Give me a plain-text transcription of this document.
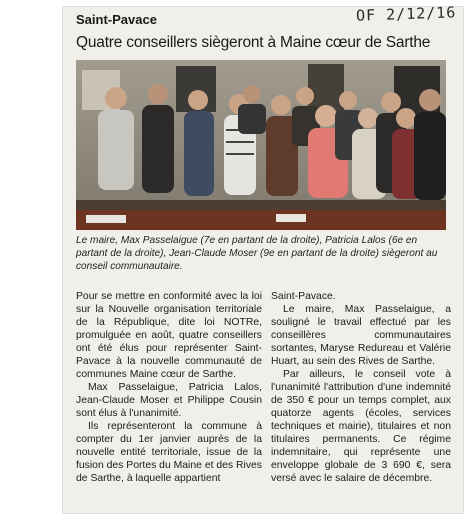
Saint-Pavace	OF 2/12/16
Quatre conseillers siègeront à Maine cœur de Sarthe
Le maire, Max Passelaigue (7e en partant de la droite), Patricia Lalos (6e en partant de la droite), Jean-Claude Moser (9e en partant de la droite) siègeront au conseil communautaire.

Pour se mettre en conformité avec la loi sur la Nouvelle organisation territoriale de la République, dite loi NOTRe, promulguée en août, quatre conseillers ont été élus pour représenter Saint-Pavace à la nouvelle communauté de communes Maine cœur de Sarthe.

Max Passelaigue, Patricia Lalos, Jean-Claude Moser et Philippe Cousin sont élus à l'unanimité.

Ils représenteront la commune à compter du 1er janvier auprès de la nouvelle entité territoriale, issue de la fusion des Portes du Maine et des Rives de Sarthe, à laquelle appartient

Saint-Pavace.

Le maire, Max Passelaigue, a souligné le travail effectué par les conseillères communautaires sortantes, Maryse Redureau et Valérie Huart, au sein des Rives de Sarthe.

Par ailleurs, le conseil vote à l'unanimité l'attribution d'une indemnité de 350 € pour un temps complet, aux quatorze agents (écoles, services techniques et mairie), titulaires et non titulaires permanents. Ce régime indemnitaire, qui représente une enveloppe globale de 3 690 €, sera versé avec le salaire de décembre.
